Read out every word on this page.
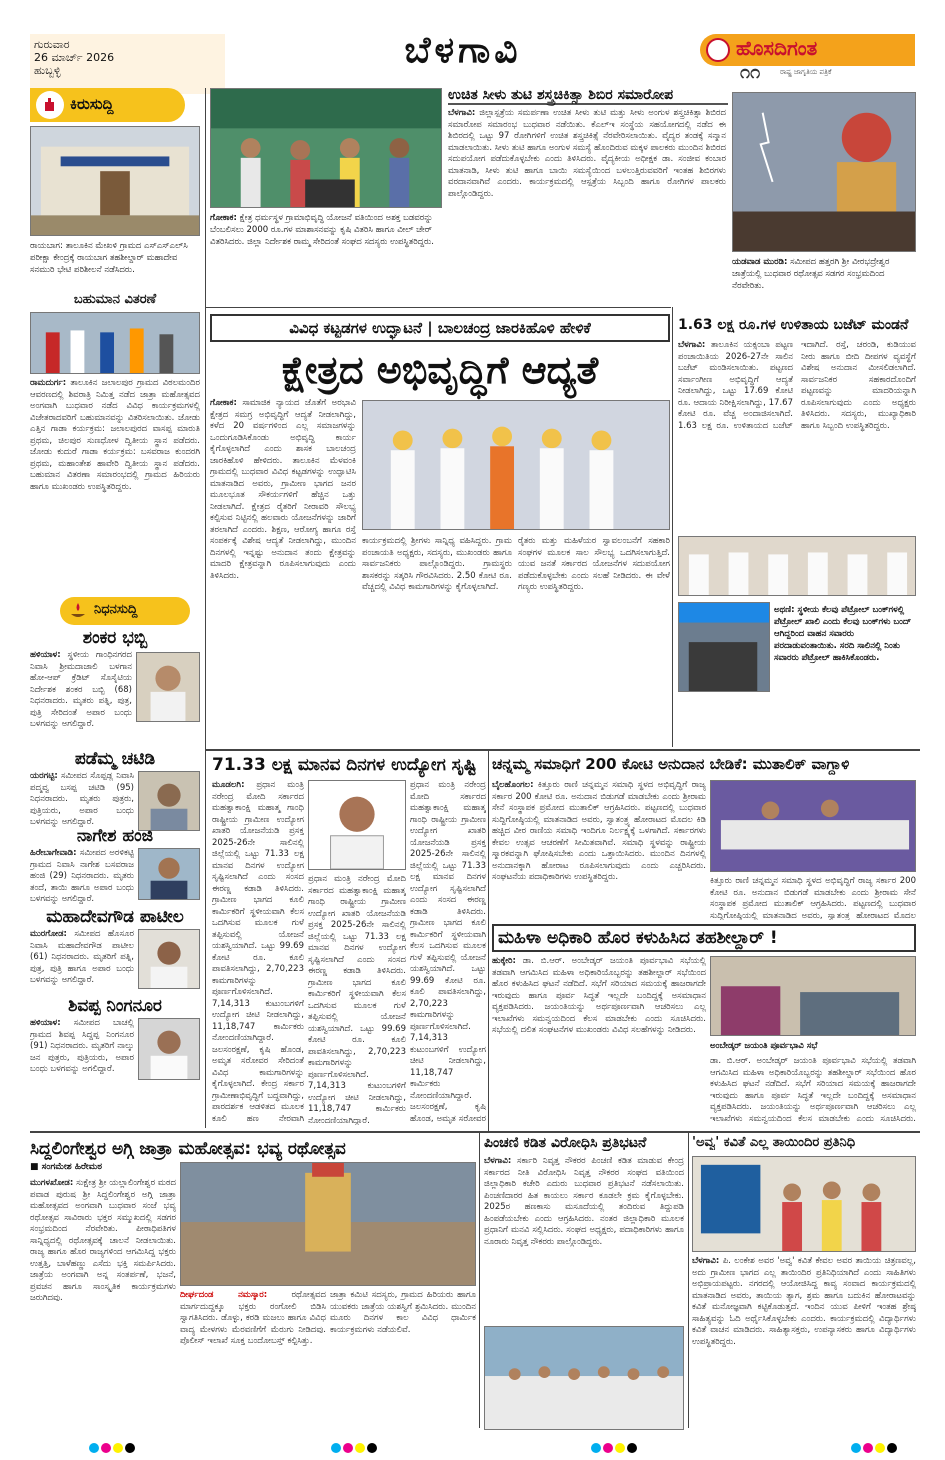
ಗುರುವಾರ
26 ಮಾರ್ಚ್ 2026
ಹುಬ್ಬಳ್ಳಿ	ಬೆಳಗಾವಿ	ಹೊಸದಿಗಂತ
ರಾಷ್ಟ್ರ ಜಾಗೃತಿಯ ಪತ್ರಿಕೆ
೧೧
ಕಿರುಸುದ್ದಿ
ರಾಯಬಾಗ: ತಾಲೂಕಿನ ಮೇಖಳಿ ಗ್ರಾಮದ ಎಸ್ಎಸ್ಎಲ್‌ಸಿ ಪರೀಕ್ಷಾ ಕೇಂದ್ರಕ್ಕೆ ರಾಯಬಾಗ ತಹಶೀಲ್ದಾರ್ ಮಹಾದೇವ ಸನಮುರಿ ಭೇಟಿ ಪರಿಶೀಲನೆ ನಡೆಸಿದರು.
ಬಹುಮಾನ ವಿತರಣೆ
ರಾಮದುರ್ಗ: ತಾಲೂಕಿನ ಜಲಾಲಪುರ ಗ್ರಾಮದ ವಿಠಲಮಂದಿರ ಆವರಣದಲ್ಲಿ ಶಿವರಾತ್ರಿ ನಿಮಿತ್ತ ನಡೆದ ಜಾತ್ರಾ ಮಹೋತ್ಸವದ ಅಂಗವಾಗಿ ಬುಧವಾರ ನಡೆದ ವಿವಿಧ ಕಾರ್ಯಕ್ರಮಗಳಲ್ಲಿ ವಿಜೇತರಾದವರಿಗೆ ಬಹುಮಾನವನ್ನು ವಿತರಿಸಲಾಯಿತು. ಜೋಡು ಎತ್ತಿನ ಗಾಡಾ ಕರ್ಯಕ್ರಮ: ಜಲಾಲಪುರದ ವಾಸಪ್ಪ ಮಾರುತಿ ಪ್ರಥಮ, ಚಿಲಪುರ ಸುಣಧೋಳ ದ್ವಿತೀಯ ಸ್ಥಾನ ಪಡೆದರು. ಜೋಡು ಕುದುರೆ ಗಾಡಾ ಕರ್ಯಕ್ರಮ: ಬಸವರಾಜ ಕುಂದರಗಿ ಪ್ರಥಮ, ಮಹಾಂತೇಶ ಹಾವೇರಿ ದ್ವಿತೀಯ ಸ್ಥಾನ ಪಡೆದರು. ಬಹುಮಾನ ವಿತರಣಾ ಸಮಾರಂಭದಲ್ಲಿ ಗ್ರಾಮದ ಹಿರಿಯರು ಹಾಗೂ ಮುಖಂಡರು ಉಪಸ್ಥಿತರಿದ್ದರು.
ನಿಧನಸುದ್ದಿ
ಶಂಕರ ಭಬ್ಬಿ
ಹಳಿಯಾಳ: ಸ್ಥಳೀಯ ಗಾಂಧಿನಗರದ ನಿವಾಸಿ ಶ್ರೀಮದಾಜಾಲಿ ಬಳಗಾನ ಹೋ-ಆಪ್ ಕ್ರೆಡಿಟ್ ಸೊಸೈಟಿಯ ನಿರ್ದೇಶಕ ಶಂಕರ ಬಬ್ಬಿ (68) ನಿಧನರಾದರು. ಮೃತರು ಪತ್ನಿ, ಪುತ್ರ, ಪುತ್ರಿ ಸೇರಿದಂತೆ ಅಪಾರ ಬಂಧು ಬಳಗವನ್ನು ಅಗಲಿದ್ದಾರೆ.
ಪಡೆಮ್ಮ ಚಟಿಡಿ
ಯರಗಟ್ಟಿ: ಸಮೀಪದ ಸೊಪ್ಪಡ್ಲ ನಿವಾಸಿ ಪದ್ಮವ್ವ ಬಸಪ್ಪ ಚಟಿಡಿ (95) ನಿಧನರಾದರು. ಮೃತರು ಪುತ್ರರು, ಪುತ್ರಿಯರು, ಅಪಾರ ಬಂಧು ಬಳಗವನ್ನು ಅಗಲಿದ್ದಾರೆ.
ನಾಗೇಶ ಹಂಜಿ
ಹಿರೇಬಾಗೇವಾಡಿ: ಸಮೀಪದ ಅರಳಿಕಟ್ಟಿ ಗ್ರಾಮದ ನಿವಾಸಿ ನಾಗೇಶ ಬಸವರಾಜ ಹಂಜಿ (29) ನಿಧನರಾದರು. ಮೃತರು ತಂದೆ, ತಾಯಿ ಹಾಗೂ ಅಪಾರ ಬಂಧು ಬಳಗವನ್ನು ಅಗಲಿದ್ದಾರೆ.
ಮಹಾದೇವಗೌಡ ಪಾಟೀಲ
ಮುರಗೋಡ: ಸಮೀಪದ ಹೊಸೂರ ನಿವಾಸಿ ಮಹಾದೇವಗೌಡ ಪಾಟೀಲ (61) ನಿಧನರಾದರು. ಮೃತರಿಗೆ ಪತ್ನಿ, ಪುತ್ರ, ಪುತ್ರಿ ಹಾಗೂ ಅಪಾರ ಬಂಧು ಬಳಗವನ್ನು ಅಗಲಿದ್ದಾರೆ.
ಶಿವಪ್ಪ ನಿಂಗನೂರ
ಹಳಿಯಾಳ: ಸಮೀಪದ ಬಾಚಲ್ಲಿ ಗ್ರಾಮದ ಶಿವಪ್ಪ ಸಿದ್ದಪ್ಪ ನಿಂಗನೂರ (91) ನಿಧನರಾದರು. ಮೃತರಿಗೆ ನಾಲ್ಕು ಜನ ಪುತ್ರರು, ಪುತ್ರಿಯರು, ಅಪಾರ ಬಂಧು ಬಳಗವನ್ನು ಅಗಲಿದ್ದಾರೆ.
ಗೋಕಾಕ: ಕ್ಷೇತ್ರ ಧರ್ಮಸ್ಥಳ ಗ್ರಾಮಾಭಿವೃದ್ಧಿ ಯೋಜನೆ ವತಿಯಿಂದ ಅಶಕ್ತ ಬಡವರನ್ನು ಬೆಂಬಲಿಸಲು 2000 ರೂ.ಗಳ ಮಾಶಾಸನವನ್ನು ಕೃಷಿ ವಿತರಿಸಿ ಹಾಗೂ ವೀಲ್ ಚೇರ್ ವಿತರಿಸಿದರು. ಜಿಲ್ಲಾ ನಿರ್ದೇಶಕ ರಾಮ್ಮ ಸೇರಿದಂತೆ ಸಂಘದ ಸದಸ್ಯರು ಉಪಸ್ಥಿತರಿದ್ದರು.
ಉಚಿತ ಸೀಳು ತುಟಿ ಶಸ್ತ್ರಚಿಕಿತ್ಸಾ ಶಿಬಿರ ಸಮಾರೋಪ
ಬೆಳಗಾವಿ: ಜಿಲ್ಲಾಸ್ಪತ್ರೆಯ ಸಮರ್ಪಣಾ ಉಚಿತ ಸೀಳು ತುಟಿ ಮತ್ತು ಸೀಳು ಅಂಗುಳ ಶಸ್ತ್ರಚಿಕಿತ್ಸಾ ಶಿಬಿರದ ಸಮಾರೋಪ ಸಮಾರಂಭ ಬುಧವಾರ ನಡೆಯಿತು. ಕೆಎಲ್ಇ ಸಂಸ್ಥೆಯ ಸಹಯೋಗದಲ್ಲಿ ನಡೆದ ಈ ಶಿಬಿರದಲ್ಲಿ ಒಟ್ಟು 97 ರೋಗಿಗಳಿಗೆ ಉಚಿತ ಶಸ್ತ್ರಚಿಕಿತ್ಸೆ ನೆರವೇರಿಸಲಾಯಿತು. ವೈದ್ಯರ ತಂಡಕ್ಕೆ ಸನ್ಮಾನ ಮಾಡಲಾಯಿತು. ಸೀಳು ತುಟಿ ಹಾಗೂ ಅಂಗುಳ ಸಮಸ್ಯೆ ಹೊಂದಿರುವ ಮಕ್ಕಳ ಪಾಲಕರು ಮುಂದಿನ ಶಿಬಿರದ ಸದುಪಯೋಗ ಪಡೆದುಕೊಳ್ಳಬೇಕು ಎಂದು ತಿಳಿಸಿದರು. ವೈದ್ಯಕೀಯ ಅಧೀಕ್ಷಕ ಡಾ. ಸಂಜೀವ ಕಂಬಾರ ಮಾತನಾಡಿ, ಸೀಳು ತುಟಿ ಹಾಗೂ ಬಾಯಿ ಸಮಸ್ಯೆಯಿಂದ ಬಳಲುತ್ತಿರುವವರಿಗೆ ಇಂತಹ ಶಿಬಿರಗಳು ವರದಾನವಾಗಿವೆ ಎಂದರು. ಕಾರ್ಯಕ್ರಮದಲ್ಲಿ ಆಸ್ಪತ್ರೆಯ ಸಿಬ್ಬಂದಿ ಹಾಗೂ ರೋಗಿಗಳ ಪಾಲಕರು ಪಾಲ್ಗೊಂಡಿದ್ದರು.
ಯಡವಾಡ ಮುರಡಿ: ಸಮೀಪದ ಹತ್ತರಗಿ ಶ್ರೀ ವೀರಭದ್ರೇಶ್ವರ ಜಾತ್ರೆಯಲ್ಲಿ ಬುಧವಾರ ರಥೋತ್ಸವ ಸಡಗರ ಸಂಭ್ರಮದಿಂದ ನೆರವೇರಿತು.
ವಿವಿಧ ಕಟ್ಟಡಗಳ ಉದ್ಘಾಟನೆ | ಬಾಲಚಂದ್ರ ಜಾರಕಿಹೊಳಿ ಹೇಳಿಕೆ
ಕ್ಷೇತ್ರದ ಅಭಿವೃದ್ಧಿಗೆ ಆದ್ಯತೆ
ಗೋಕಾಕ: ಸಾಮಾಜಿಕ ನ್ಯಾಯದ ಜೊತೆಗೆ ಅರಭಾವಿ ಕ್ಷೇತ್ರದ ಸಮಗ್ರ ಅಭಿವೃದ್ಧಿಗೆ ಆದ್ಯತೆ ನೀಡಲಾಗಿದ್ದು, ಕಳೆದ 20 ವರ್ಷಗಳಿಂದ ಎಲ್ಲ ಸಮಾಜಗಳನ್ನು ಒಂದುಗೂಡಿಸಿಕೊಂಡು ಅಭಿವೃದ್ಧಿ ಕಾರ್ಯ ಕೈಗೊಳ್ಳಲಾಗಿದೆ ಎಂದು ಶಾಸಕ ಬಾಲಚಂದ್ರ ಜಾರಕಿಹೊಳಿ ಹೇಳಿದರು. ತಾಲೂಕಿನ ಮೆಳವಂಕಿ ಗ್ರಾಮದಲ್ಲಿ ಬುಧವಾರ ವಿವಿಧ ಕಟ್ಟಡಗಳನ್ನು ಉದ್ಘಾಟಿಸಿ ಮಾತನಾಡಿದ ಅವರು, ಗ್ರಾಮೀಣ ಭಾಗದ ಜನರ ಮೂಲಭೂತ ಸೌಕರ್ಯಗಳಿಗೆ ಹೆಚ್ಚಿನ ಒತ್ತು ನೀಡಲಾಗಿದೆ. ಕ್ಷೇತ್ರದ ರೈತರಿಗೆ ನೀರಾವರಿ ಸೌಲಭ್ಯ ಕಲ್ಪಿಸುವ ನಿಟ್ಟಿನಲ್ಲಿ ಹಲವಾರು ಯೋಜನೆಗಳನ್ನು ಜಾರಿಗೆ ತರಲಾಗಿದೆ ಎಂದರು. ಶಿಕ್ಷಣ, ಆರೋಗ್ಯ ಹಾಗೂ ರಸ್ತೆ ಸಂಪರ್ಕಕ್ಕೆ ವಿಶೇಷ ಆದ್ಯತೆ ನೀಡಲಾಗಿದ್ದು, ಮುಂದಿನ ದಿನಗಳಲ್ಲಿ ಇನ್ನಷ್ಟು ಅನುದಾನ ತಂದು ಕ್ಷೇತ್ರವನ್ನು ಮಾದರಿ ಕ್ಷೇತ್ರವನ್ನಾಗಿ ರೂಪಿಸಲಾಗುವುದು ಎಂದು ತಿಳಿಸಿದರು.
ಕಾರ್ಯಕ್ರಮದಲ್ಲಿ ಶ್ರೀಗಳು ಸಾನ್ನಿಧ್ಯ ವಹಿಸಿದ್ದರು. ಗ್ರಾಮ ಪಂಚಾಯತಿ ಅಧ್ಯಕ್ಷರು, ಸದಸ್ಯರು, ಮುಖಂಡರು ಹಾಗೂ ಸಾರ್ವಜನಿಕರು ಪಾಲ್ಗೊಂಡಿದ್ದರು. ಗ್ರಾಮಸ್ಥರು ಶಾಸಕರನ್ನು ಸತ್ಕರಿಸಿ ಗೌರವಿಸಿದರು. 2.50 ಕೋಟಿ ರೂ. ವೆಚ್ಚದಲ್ಲಿ ವಿವಿಧ ಕಾಮಗಾರಿಗಳನ್ನು ಕೈಗೊಳ್ಳಲಾಗಿದೆ.
ರೈತರು ಮತ್ತು ಮಹಿಳೆಯರ ಸ್ವಾವಲಂಬನೆಗೆ ಸಹಕಾರಿ ಸಂಘಗಳ ಮೂಲಕ ಸಾಲ ಸೌಲಭ್ಯ ಒದಗಿಸಲಾಗುತ್ತಿದೆ. ಯುವ ಜನತೆ ಸರ್ಕಾರದ ಯೋಜನೆಗಳ ಸದುಪಯೋಗ ಪಡೆದುಕೊಳ್ಳಬೇಕು ಎಂದು ಸಲಹೆ ನೀಡಿದರು. ಈ ವೇಳೆ ಗಣ್ಯರು ಉಪಸ್ಥಿತರಿದ್ದರು.
1.63 ಲಕ್ಷ ರೂ.ಗಳ ಉಳಿತಾಯ ಬಜೆಟ್ ಮಂಡನೆ
ಬೆಳಗಾವಿ: ತಾಲೂಕಿನ ಯಕ್ಸಂಬಾ ಪಟ್ಟಣ ಪಂಚಾಯಿತಿಯ 2026-27ನೇ ಸಾಲಿನ ಬಜೆಟ್ ಮಂಡಿಸಲಾಯಿತು. ಪಟ್ಟಣದ ಸರ್ವಾಂಗೀಣ ಅಭಿವೃದ್ಧಿಗೆ ಆದ್ಯತೆ ನೀಡಲಾಗಿದ್ದು, ಒಟ್ಟು 17.69 ಕೋಟಿ ರೂ. ಆದಾಯ ನಿರೀಕ್ಷಿಸಲಾಗಿದ್ದು, 17.67 ಕೋಟಿ ರೂ. ವೆಚ್ಚ ಅಂದಾಜಿಸಲಾಗಿದೆ. 1.63 ಲಕ್ಷ ರೂ. ಉಳಿತಾಯದ ಬಜೆಟ್ ಇದಾಗಿದೆ. ರಸ್ತೆ, ಚರಂಡಿ, ಕುಡಿಯುವ ನೀರು ಹಾಗೂ ಬೀದಿ ದೀಪಗಳ ವ್ಯವಸ್ಥೆಗೆ ವಿಶೇಷ ಅನುದಾನ ಮೀಸಲಿಡಲಾಗಿದೆ. ಸಾರ್ವಜನಿಕರ ಸಹಕಾರದೊಂದಿಗೆ ಪಟ್ಟಣವನ್ನು ಮಾದರಿಯನ್ನಾಗಿ ರೂಪಿಸಲಾಗುವುದು ಎಂದು ಅಧ್ಯಕ್ಷರು ತಿಳಿಸಿದರು. ಸದಸ್ಯರು, ಮುಖ್ಯಾಧಿಕಾರಿ ಹಾಗೂ ಸಿಬ್ಬಂದಿ ಉಪಸ್ಥಿತರಿದ್ದರು.
ಅಥಣಿ: ಸ್ಥಳೀಯ ಕೆಲವು ಪೆಟ್ರೋಲ್ ಬಂಕ್‌ಗಳಲ್ಲಿ ಪೆಟ್ರೋಲ್ ಖಾಲಿ ಎಂದು ಕೆಲವು ಬಂಕ್‌ಗಳು ಬಂದ್ ಆಗಿದ್ದರಿಂದ ವಾಹನ ಸವಾರರು ಪರದಾಡುವಂತಾಯಿತು. ಸರದಿ ಸಾಲಿನಲ್ಲಿ ನಿಂತು ಸವಾರರು ಪೆಟ್ರೋಲ್ ಹಾಕಿಸಿಕೊಂಡರು.
71.33 ಲಕ್ಷ ಮಾನವ ದಿನಗಳ ಉದ್ಯೋಗ ಸೃಷ್ಟಿ
ಮೂಡಲಗಿ: ಪ್ರಧಾನ ಮಂತ್ರಿ ನರೇಂದ್ರ ಮೋದಿ ಸರ್ಕಾರದ ಮಹತ್ವಾಕಾಂಕ್ಷಿ ಮಹಾತ್ಮ ಗಾಂಧಿ ರಾಷ್ಟ್ರೀಯ ಗ್ರಾಮೀಣ ಉದ್ಯೋಗ ಖಾತರಿ ಯೋಜನೆಯಡಿ ಪ್ರಸಕ್ತ 2025-26ನೇ ಸಾಲಿನಲ್ಲಿ ಜಿಲ್ಲೆಯಲ್ಲಿ ಒಟ್ಟು 71.33 ಲಕ್ಷ ಮಾನವ ದಿನಗಳ ಉದ್ಯೋಗ ಸೃಷ್ಟಿಸಲಾಗಿದೆ ಎಂದು ಸಂಸದ ಈರಣ್ಣ ಕಡಾಡಿ ತಿಳಿಸಿದರು. ಗ್ರಾಮೀಣ ಭಾಗದ ಕೂಲಿ ಕಾರ್ಮಿಕರಿಗೆ ಸ್ಥಳೀಯವಾಗಿ ಕೆಲಸ ಒದಗಿಸುವ ಮೂಲಕ ಗುಳೆ ತಪ್ಪಿಸುವಲ್ಲಿ ಯೋಜನೆ ಯಶಸ್ವಿಯಾಗಿದೆ. ಒಟ್ಟು 99.69 ಕೋಟಿ ರೂ. ಕೂಲಿ ಪಾವತಿಸಲಾಗಿದ್ದು, 2,70,223 ಕಾಮಗಾರಿಗಳನ್ನು ಪೂರ್ಣಗೊಳಿಸಲಾಗಿದೆ. 7,14,313 ಕುಟುಂಬಗಳಿಗೆ ಉದ್ಯೋಗ ಚೀಟಿ ನೀಡಲಾಗಿದ್ದು, 11,18,747 ಕಾರ್ಮಿಕರು ನೋಂದಣಿಯಾಗಿದ್ದಾರೆ. ಜಲಸಂರಕ್ಷಣೆ, ಕೃಷಿ ಹೊಂಡ, ಅಮೃತ ಸರೋವರ ಸೇರಿದಂತೆ ವಿವಿಧ ಕಾಮಗಾರಿಗಳನ್ನು ಕೈಗೊಳ್ಳಲಾಗಿದೆ. ಕೇಂದ್ರ ಸರ್ಕಾರ ಗ್ರಾಮೀಣಾಭಿವೃದ್ಧಿಗೆ ಬದ್ಧವಾಗಿದ್ದು, ಪಾರದರ್ಶಕ ಆಡಳಿತದ ಮೂಲಕ ಕೂಲಿ ಹಣ ನೇರವಾಗಿ
ಪ್ರಧಾನ ಮಂತ್ರಿ ನರೇಂದ್ರ ಮೋದಿ ಸರ್ಕಾರದ ಮಹತ್ವಾಕಾಂಕ್ಷಿ ಮಹಾತ್ಮ ಗಾಂಧಿ ರಾಷ್ಟ್ರೀಯ ಗ್ರಾಮೀಣ ಉದ್ಯೋಗ ಖಾತರಿ ಯೋಜನೆಯಡಿ ಪ್ರಸಕ್ತ 2025-26ನೇ ಸಾಲಿನಲ್ಲಿ ಜಿಲ್ಲೆಯಲ್ಲಿ ಒಟ್ಟು 71.33 ಲಕ್ಷ ಮಾನವ ದಿನಗಳ ಉದ್ಯೋಗ ಸೃಷ್ಟಿಸಲಾಗಿದೆ ಎಂದು ಸಂಸದ ಈರಣ್ಣ ಕಡಾಡಿ ತಿಳಿಸಿದರು. ಗ್ರಾಮೀಣ ಭಾಗದ ಕೂಲಿ ಕಾರ್ಮಿಕರಿಗೆ ಸ್ಥಳೀಯವಾಗಿ ಕೆಲಸ ಒದಗಿಸುವ ಮೂಲಕ ಗುಳೆ ತಪ್ಪಿಸುವಲ್ಲಿ ಯೋಜನೆ ಯಶಸ್ವಿಯಾಗಿದೆ. ಒಟ್ಟು 99.69 ಕೋಟಿ ರೂ. ಕೂಲಿ ಪಾವತಿಸಲಾಗಿದ್ದು, 2,70,223 ಕಾಮಗಾರಿಗಳನ್ನು ಪೂರ್ಣಗೊಳಿಸಲಾಗಿದೆ. 7,14,313 ಕುಟುಂಬಗಳಿಗೆ ಉದ್ಯೋಗ ಚೀಟಿ ನೀಡಲಾಗಿದ್ದು, 11,18,747 ಕಾರ್ಮಿಕರು ನೋಂದಣಿಯಾಗಿದ್ದಾರೆ. ಜಲಸಂರಕ್ಷಣೆ, ಕೃಷಿ ಹೊಂಡ, ಅಮೃತ ಸರೋವರ
ಪ್ರಧಾನ ಮಂತ್ರಿ ನರೇಂದ್ರ ಮೋದಿ ಸರ್ಕಾರದ ಮಹತ್ವಾಕಾಂಕ್ಷಿ ಮಹಾತ್ಮ ಗಾಂಧಿ ರಾಷ್ಟ್ರೀಯ ಗ್ರಾಮೀಣ ಉದ್ಯೋಗ ಖಾತರಿ ಯೋಜನೆಯಡಿ ಪ್ರಸಕ್ತ 2025-26ನೇ ಸಾಲಿನಲ್ಲಿ ಜಿಲ್ಲೆಯಲ್ಲಿ ಒಟ್ಟು 71.33 ಲಕ್ಷ ಮಾನವ ದಿನಗಳ ಉದ್ಯೋಗ ಸೃಷ್ಟಿಸಲಾಗಿದೆ ಎಂದು ಸಂಸದ ಈರಣ್ಣ ಕಡಾಡಿ ತಿಳಿಸಿದರು. ಗ್ರಾಮೀಣ ಭಾಗದ ಕೂಲಿ ಕಾರ್ಮಿಕರಿಗೆ ಸ್ಥಳೀಯವಾಗಿ ಕೆಲಸ ಒದಗಿಸುವ ಮೂಲಕ ಗುಳೆ ತಪ್ಪಿಸುವಲ್ಲಿ ಯೋಜನೆ ಯಶಸ್ವಿಯಾಗಿದೆ. ಒಟ್ಟು 99.69 ಕೋಟಿ ರೂ. ಕೂಲಿ ಪಾವತಿಸಲಾಗಿದ್ದು, 2,70,223 ಕಾಮಗಾರಿಗಳನ್ನು ಪೂರ್ಣಗೊಳಿಸಲಾಗಿದೆ. 7,14,313 ಕುಟುಂಬಗಳಿಗೆ ಉದ್ಯೋಗ ಚೀಟಿ ನೀಡಲಾಗಿದ್ದು, 11,18,747 ಕಾರ್ಮಿಕರು ನೋಂದಣಿಯಾಗಿದ್ದಾರೆ.
ಚನ್ನಮ್ಮ ಸಮಾಧಿಗೆ 200 ಕೋಟಿ ಅನುದಾನ ಬೇಡಿಕೆ: ಮುತಾಲಿಕ್ ವಾಗ್ದಾಳಿ
ಬೈಲಹೊಂಗಲ: ಕಿತ್ತೂರು ರಾಣಿ ಚನ್ನಮ್ಮನ ಸಮಾಧಿ ಸ್ಥಳದ ಅಭಿವೃದ್ಧಿಗೆ ರಾಜ್ಯ ಸರ್ಕಾರ 200 ಕೋಟಿ ರೂ. ಅನುದಾನ ಬಿಡುಗಡೆ ಮಾಡಬೇಕು ಎಂದು ಶ್ರೀರಾಮ ಸೇನೆ ಸಂಸ್ಥಾಪಕ ಪ್ರಮೋದ ಮುತಾಲಿಕ್ ಆಗ್ರಹಿಸಿದರು. ಪಟ್ಟಣದಲ್ಲಿ ಬುಧವಾರ ಸುದ್ದಿಗೋಷ್ಠಿಯಲ್ಲಿ ಮಾತನಾಡಿದ ಅವರು, ಸ್ವಾತಂತ್ರ್ಯ ಹೋರಾಟದ ಮೊದಲ ಕಿಡಿ ಹಚ್ಚಿದ ವೀರ ರಾಣಿಯ ಸಮಾಧಿ ಇಂದಿಗೂ ನಿರ್ಲಕ್ಷ್ಯಕ್ಕೆ ಒಳಗಾಗಿದೆ. ಸರ್ಕಾರಗಳು ಕೇವಲ ಉತ್ಸವ ಆಚರಣೆಗೆ ಸೀಮಿತವಾಗಿವೆ. ಸಮಾಧಿ ಸ್ಥಳವನ್ನು ರಾಷ್ಟ್ರೀಯ ಸ್ಮಾರಕವನ್ನಾಗಿ ಘೋಷಿಸಬೇಕು ಎಂದು ಒತ್ತಾಯಿಸಿದರು. ಮುಂದಿನ ದಿನಗಳಲ್ಲಿ ಅನುದಾನಕ್ಕಾಗಿ ಹೋರಾಟ ರೂಪಿಸಲಾಗುವುದು ಎಂದು ಎಚ್ಚರಿಸಿದರು. ಸಂಘಟನೆಯ ಪದಾಧಿಕಾರಿಗಳು ಉಪಸ್ಥಿತರಿದ್ದರು.	ಕಿತ್ತೂರು ರಾಣಿ ಚನ್ನಮ್ಮನ ಸಮಾಧಿ ಸ್ಥಳದ ಅಭಿವೃದ್ಧಿಗೆ ರಾಜ್ಯ ಸರ್ಕಾರ 200 ಕೋಟಿ ರೂ. ಅನುದಾನ ಬಿಡುಗಡೆ ಮಾಡಬೇಕು ಎಂದು ಶ್ರೀರಾಮ ಸೇನೆ ಸಂಸ್ಥಾಪಕ ಪ್ರಮೋದ ಮುತಾಲಿಕ್ ಆಗ್ರಹಿಸಿದರು. ಪಟ್ಟಣದಲ್ಲಿ ಬುಧವಾರ ಸುದ್ದಿಗೋಷ್ಠಿಯಲ್ಲಿ ಮಾತನಾಡಿದ ಅವರು, ಸ್ವಾತಂತ್ರ್ಯ ಹೋರಾಟದ ಮೊದಲ
ಮಹಿಳಾ ಅಧಿಕಾರಿ ಹೊರ ಕಳುಹಿಸಿದ ತಹಶೀಲ್ದಾರ್ !
ಹುಕ್ಕೇರಿ: ಡಾ. ಬಿ.ಆರ್. ಅಂಬೇಡ್ಕರ್ ಜಯಂತಿ ಪೂರ್ವಭಾವಿ ಸಭೆಯಲ್ಲಿ ತಡವಾಗಿ ಆಗಮಿಸಿದ ಮಹಿಳಾ ಅಧಿಕಾರಿಯೊಬ್ಬರನ್ನು ತಹಶೀಲ್ದಾರ್ ಸಭೆಯಿಂದ ಹೊರ ಕಳುಹಿಸಿದ ಘಟನೆ ನಡೆದಿದೆ. ಸಭೆಗೆ ಸರಿಯಾದ ಸಮಯಕ್ಕೆ ಹಾಜರಾಗದೇ ಇರುವುದು ಹಾಗೂ ಪೂರ್ವ ಸಿದ್ಧತೆ ಇಲ್ಲದೇ ಬಂದಿದ್ದಕ್ಕೆ ಅಸಮಾಧಾನ ವ್ಯಕ್ತಪಡಿಸಿದರು. ಜಯಂತಿಯನ್ನು ಅರ್ಥಪೂರ್ಣವಾಗಿ ಆಚರಿಸಲು ಎಲ್ಲ ಇಲಾಖೆಗಳು ಸಮನ್ವಯದಿಂದ ಕೆಲಸ ಮಾಡಬೇಕು ಎಂದು ಸೂಚಿಸಿದರು. ಸಭೆಯಲ್ಲಿ ದಲಿತ ಸಂಘಟನೆಗಳ ಮುಖಂಡರು ವಿವಿಧ ಸಲಹೆಗಳನ್ನು ನೀಡಿದರು.
ಅಂಬೇಡ್ಕರ್ ಜಯಂತಿ ಪೂರ್ವಭಾವಿ ಸಭೆ
ಡಾ. ಬಿ.ಆರ್. ಅಂಬೇಡ್ಕರ್ ಜಯಂತಿ ಪೂರ್ವಭಾವಿ ಸಭೆಯಲ್ಲಿ ತಡವಾಗಿ ಆಗಮಿಸಿದ ಮಹಿಳಾ ಅಧಿಕಾರಿಯೊಬ್ಬರನ್ನು ತಹಶೀಲ್ದಾರ್ ಸಭೆಯಿಂದ ಹೊರ ಕಳುಹಿಸಿದ ಘಟನೆ ನಡೆದಿದೆ. ಸಭೆಗೆ ಸರಿಯಾದ ಸಮಯಕ್ಕೆ ಹಾಜರಾಗದೇ ಇರುವುದು ಹಾಗೂ ಪೂರ್ವ ಸಿದ್ಧತೆ ಇಲ್ಲದೇ ಬಂದಿದ್ದಕ್ಕೆ ಅಸಮಾಧಾನ ವ್ಯಕ್ತಪಡಿಸಿದರು. ಜಯಂತಿಯನ್ನು ಅರ್ಥಪೂರ್ಣವಾಗಿ ಆಚರಿಸಲು ಎಲ್ಲ ಇಲಾಖೆಗಳು ಸಮನ್ವಯದಿಂದ ಕೆಲಸ ಮಾಡಬೇಕು ಎಂದು ಸೂಚಿಸಿದರು.
ಸಿದ್ದಲಿಂಗೇಶ್ವರ ಅಗ್ಗಿ ಜಾತ್ರಾ ಮಹೋತ್ಸವ: ಭವ್ಯ ರಥೋತ್ಸವ
■ ಸಂಗಮೇಶ ಹಿರೇಮಠ
ಮುಗಳಖೋಡ: ಸುಕ್ಷೇತ್ರ ಶ್ರೀ ಯಲ್ಲಾಲಿಂಗೇಶ್ವರ ಮಠದ ಪವಾಡ ಪುರುಷ ಶ್ರೀ ಸಿದ್ದಲಿಂಗೇಶ್ವರ ಅಗ್ಗಿ ಜಾತ್ರಾ ಮಹೋತ್ಸವದ ಅಂಗವಾಗಿ ಬುಧವಾರ ಸಂಜೆ ಭವ್ಯ ರಥೋತ್ಸವ ಸಾವಿರಾರು ಭಕ್ತರ ಸಮ್ಮುಖದಲ್ಲಿ ಸಡಗರ ಸಂಭ್ರಮದಿಂದ ನೆರವೇರಿತು. ಪೀಠಾಧಿಪತಿಗಳ ಸಾನ್ನಿಧ್ಯದಲ್ಲಿ ರಥೋತ್ಸವಕ್ಕೆ ಚಾಲನೆ ನೀಡಲಾಯಿತು. ರಾಜ್ಯ ಹಾಗೂ ಹೊರ ರಾಜ್ಯಗಳಿಂದ ಆಗಮಿಸಿದ್ದ ಭಕ್ತರು ಉತ್ತತ್ತಿ, ಬಾಳೆಹಣ್ಣು ಎಸೆದು ಭಕ್ತಿ ಸಮರ್ಪಿಸಿದರು. ಜಾತ್ರೆಯ ಅಂಗವಾಗಿ ಅನ್ನ ಸಂತರ್ಪಣೆ, ಭಜನೆ, ಪ್ರವಚನ ಹಾಗೂ ಸಾಂಸ್ಕೃತಿಕ ಕಾರ್ಯಕ್ರಮಗಳು ಜರುಗಿದವು.	ದೀರ್ಘದಂಡ ನಮಸ್ಕಾರ:	ರಥೋತ್ಸವದ ಮಾರ್ಗದುದ್ದಕ್ಕೂ ಭಕ್ತರು ರಂಗೋಲಿ ಬಿಡಿಸಿ ಸ್ವಾಗತಿಸಿದರು. ಡೊಳ್ಳು, ಕರಡಿ ಮಜಲು ಹಾಗೂ ವಿವಿಧ ವಾದ್ಯ ಮೇಳಗಳು ಮೆರವಣಿಗೆಗೆ ಮೆರುಗು ನೀಡಿದವು. ಪೊಲೀಸ್ ಇಲಾಖೆ ಸೂಕ್ತ ಬಂದೋಬಸ್ತ್ ಕಲ್ಪಿಸಿತ್ತು.
ಜಾತ್ರಾ ಕಮಿಟಿ ಸದಸ್ಯರು, ಗ್ರಾಮದ ಹಿರಿಯರು ಹಾಗೂ ಯುವಕರು ಜಾತ್ರೆಯ ಯಶಸ್ವಿಗೆ ಶ್ರಮಿಸಿದರು. ಮುಂದಿನ ಮೂರು ದಿನಗಳ ಕಾಲ ವಿವಿಧ ಧಾರ್ಮಿಕ ಕಾರ್ಯಕ್ರಮಗಳು ನಡೆಯಲಿವೆ.
ಪಿಂಚಣಿ ಕಡಿತ ವಿರೋಧಿಸಿ ಪ್ರತಿಭಟನೆ
ಬೆಳಗಾವಿ: ಸರ್ಕಾರಿ ನಿವೃತ್ತ ನೌಕರರ ಪಿಂಚಣಿ ಕಡಿತ ಮಾಡುವ ಕೇಂದ್ರ ಸರ್ಕಾರದ ನೀತಿ ವಿರೋಧಿಸಿ ನಿವೃತ್ತ ನೌಕರರ ಸಂಘದ ವತಿಯಿಂದ ಜಿಲ್ಲಾಧಿಕಾರಿ ಕಚೇರಿ ಎದುರು ಬುಧವಾರ ಪ್ರತಿಭಟನೆ ನಡೆಸಲಾಯಿತು. ಪಿಂಚಣಿದಾರರ ಹಿತ ಕಾಯಲು ಸರ್ಕಾರ ಕೂಡಲೇ ಕ್ರಮ ಕೈಗೊಳ್ಳಬೇಕು. 2025ರ ಹಣಕಾಸು ಮಸೂದೆಯಲ್ಲಿ ತಂದಿರುವ ತಿದ್ದುಪಡಿ ಹಿಂಪಡೆಯಬೇಕು ಎಂದು ಆಗ್ರಹಿಸಿದರು. ನಂತರ ಜಿಲ್ಲಾಧಿಕಾರಿ ಮೂಲಕ ಪ್ರಧಾನಿಗೆ ಮನವಿ ಸಲ್ಲಿಸಿದರು. ಸಂಘದ ಅಧ್ಯಕ್ಷರು, ಪದಾಧಿಕಾರಿಗಳು ಹಾಗೂ ನೂರಾರು ನಿವೃತ್ತ ನೌಕರರು ಪಾಲ್ಗೊಂಡಿದ್ದರು.
'ಅವ್ವ' ಕವಿತೆ ಎಲ್ಲ ತಾಯಿಂದಿರ ಪ್ರತಿನಿಧಿ
ಬೆಳಗಾವಿ: ಪಿ. ಲಂಕೇಶ ಅವರ 'ಅವ್ವ' ಕವಿತೆ ಕೇವಲ ಅವರ ತಾಯಿಯ ಚಿತ್ರಣವಲ್ಲ, ಅದು ಗ್ರಾಮೀಣ ಭಾಗದ ಎಲ್ಲ ತಾಯಿಂದಿರ ಪ್ರತಿನಿಧಿಯಾಗಿದೆ ಎಂದು ಸಾಹಿತಿಗಳು ಅಭಿಪ್ರಾಯಪಟ್ಟರು. ನಗರದಲ್ಲಿ ಆಯೋಜಿಸಿದ್ದ ಕಾವ್ಯ ಸಂವಾದ ಕಾರ್ಯಕ್ರಮದಲ್ಲಿ ಮಾತನಾಡಿದ ಅವರು, ತಾಯಿಯ ತ್ಯಾಗ, ಶ್ರಮ ಹಾಗೂ ಬದುಕಿನ ಹೋರಾಟವನ್ನು ಕವಿತೆ ಮನೋಜ್ಞವಾಗಿ ಕಟ್ಟಿಕೊಡುತ್ತದೆ. ಇಂದಿನ ಯುವ ಪೀಳಿಗೆ ಇಂತಹ ಶ್ರೇಷ್ಠ ಸಾಹಿತ್ಯವನ್ನು ಓದಿ ಅರ್ಥೈಸಿಕೊಳ್ಳಬೇಕು ಎಂದರು. ಕಾರ್ಯಕ್ರಮದಲ್ಲಿ ವಿದ್ಯಾರ್ಥಿಗಳು ಕವಿತೆ ವಾಚನ ಮಾಡಿದರು. ಸಾಹಿತ್ಯಾಸಕ್ತರು, ಉಪನ್ಯಾಸಕರು ಹಾಗೂ ವಿದ್ಯಾರ್ಥಿಗಳು ಉಪಸ್ಥಿತರಿದ್ದರು.
